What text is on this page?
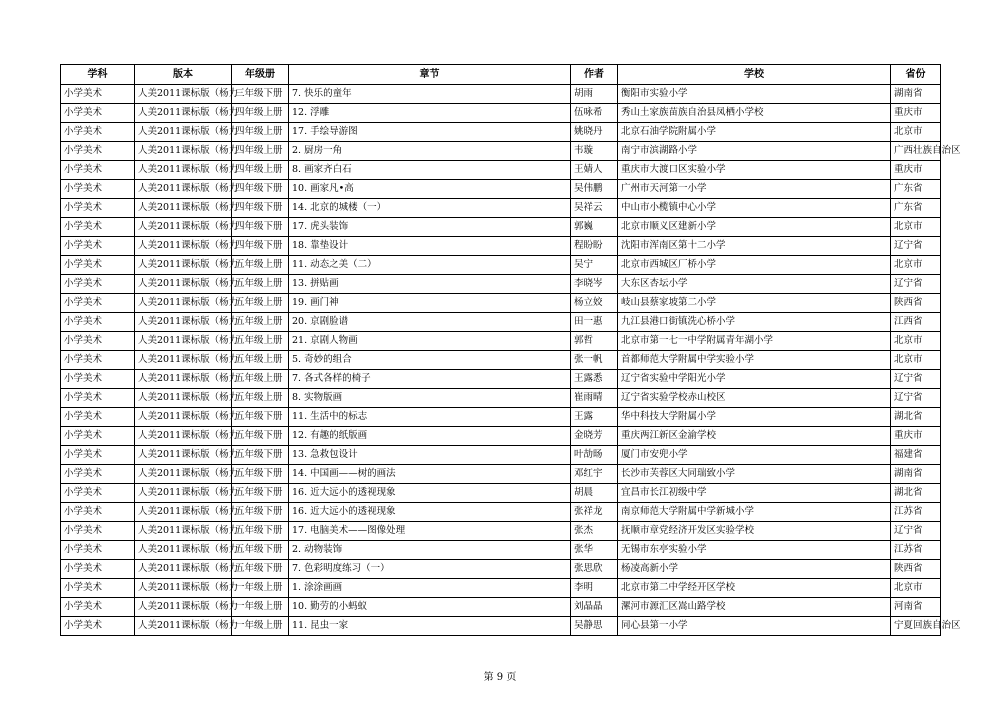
学科	版本	年级册	章节	作者	学校	省份
小学美术	人美2011课标版（杨力	三年级下册	7. 快乐的童年	胡雨	衡阳市实验小学	湖南省
小学美术	人美2011课标版（杨力	四年级上册	12. 浮雕	伍咏希	秀山土家族苗族自治县凤栖小学校	重庆市
小学美术	人美2011课标版（杨力	四年级上册	17. 手绘导游图	姚晓丹	北京石油学院附属小学	北京市
小学美术	人美2011课标版（杨力	四年级上册	2. 厨房一角	韦璇	南宁市滨湖路小学	广西壮族自治区
小学美术	人美2011课标版（杨力	四年级上册	8. 画家齐白石	王婧人	重庆市大渡口区实验小学	重庆市
小学美术	人美2011课标版（杨力	四年级下册	10. 画家凡•高	吴伟鹏	广州市天河第一小学	广东省
小学美术	人美2011课标版（杨力	四年级下册	14. 北京的城楼（一）	吴祥云	中山市小榄镇中心小学	广东省
小学美术	人美2011课标版（杨力	四年级下册	17. 虎头装饰	郭巍	北京市顺义区建新小学	北京市
小学美术	人美2011课标版（杨力	四年级下册	18. 靠垫设计	程盼盼	沈阳市浑南区第十二小学	辽宁省
小学美术	人美2011课标版（杨力	五年级上册	11. 动态之美（二）	吴宁	北京市西城区厂桥小学	北京市
小学美术	人美2011课标版（杨力	五年级上册	13. 拼贴画	李晓岑	大东区杏坛小学	辽宁省
小学美术	人美2011课标版（杨力	五年级上册	19. 画门神	杨立姣	岐山县蔡家坡第二小学	陕西省
小学美术	人美2011课标版（杨力	五年级上册	20. 京剧脸谱	田一惠	九江县港口街镇洗心桥小学	江西省
小学美术	人美2011课标版（杨力	五年级上册	21. 京剧人物画	郭哲	北京市第一七一中学附属青年湖小学	北京市
小学美术	人美2011课标版（杨力	五年级上册	5. 奇妙的组合	张一帆	首都师范大学附属中学实验小学	北京市
小学美术	人美2011课标版（杨力	五年级上册	7. 各式各样的椅子	王露悉	辽宁省实验中学阳光小学	辽宁省
小学美术	人美2011课标版（杨力	五年级上册	8. 实物版画	崔雨晴	辽宁省实验学校赤山校区	辽宁省
小学美术	人美2011课标版（杨力	五年级下册	11. 生活中的标志	王露	华中科技大学附属小学	湖北省
小学美术	人美2011课标版（杨力	五年级下册	12. 有趣的纸版画	金晓芳	重庆两江新区金渝学校	重庆市
小学美术	人美2011课标版（杨力	五年级下册	13. 急救包设计	叶劼旸	厦门市安兜小学	福建省
小学美术	人美2011课标版（杨力	五年级下册	14. 中国画——树的画法	邓红宇	长沙市芙蓉区大同瑞致小学	湖南省
小学美术	人美2011课标版（杨力	五年级下册	16. 近大远小的透视现象	胡晨	宜昌市长江初级中学	湖北省
小学美术	人美2011课标版（杨力	五年级下册	16. 近大远小的透视现象	张祥龙	南京师范大学附属中学新城小学	江苏省
小学美术	人美2011课标版（杨力	五年级下册	17. 电脑美术——图像处理	张杰	抚顺市章党经济开发区实验学校	辽宁省
小学美术	人美2011课标版（杨力	五年级下册	2. 动物装饰	张华	无锡市东亭实验小学	江苏省
小学美术	人美2011课标版（杨力	五年级下册	7. 色彩明度练习（一）	张思欣	杨凌高新小学	陕西省
小学美术	人美2011课标版（杨力	一年级上册	1. 涂涂画画	李明	北京市第二中学经开区学校	北京市
小学美术	人美2011课标版（杨力	一年级上册	10. 勤劳的小蚂蚁	刘晶晶	漯河市源汇区嵩山路学校	河南省
小学美术	人美2011课标版（杨力	一年级上册	11. 昆虫一家	吴静思	同心县第一小学	宁夏回族自治区
第 9 页
